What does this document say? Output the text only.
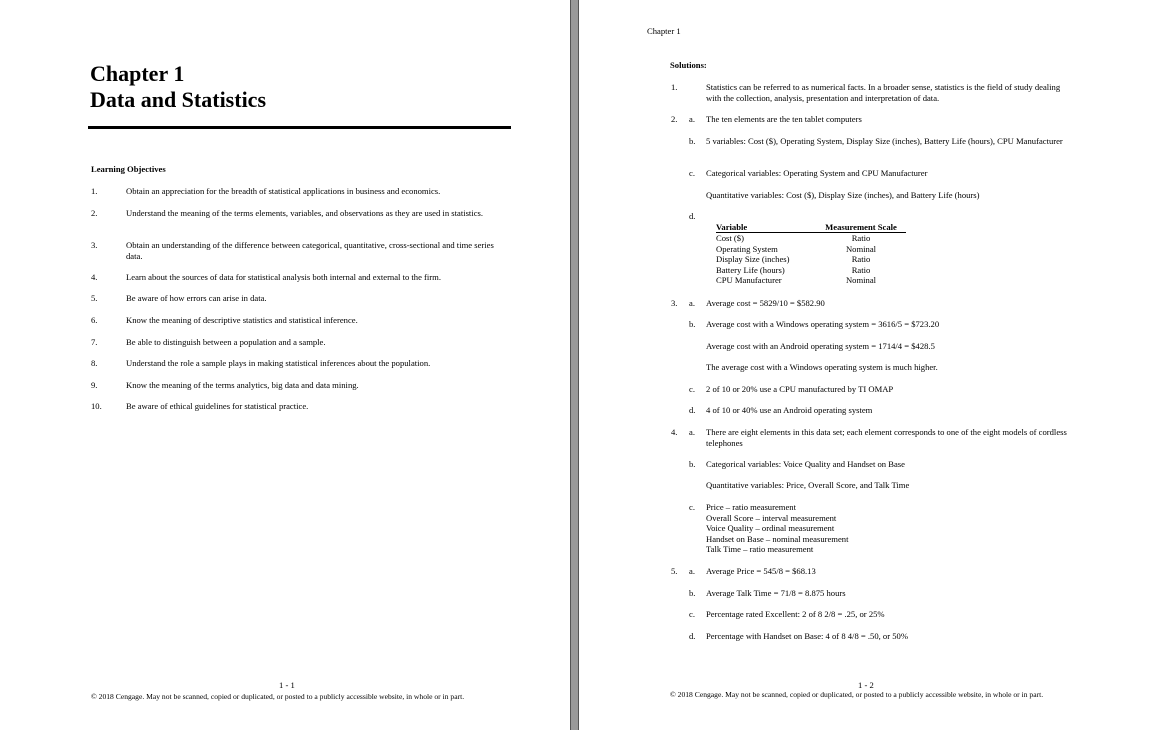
Chapter 1
Data and Statistics
Learning Objectives
1.	Obtain an appreciation for the breadth of statistical applications in business and economics.
2.	Understand the meaning of the terms elements, variables, and observations as they are used in statistics.
3.	Obtain an understanding of the difference between categorical, quantitative, cross-sectional and time series data.
4.	Learn about the sources of data for statistical analysis both internal and external to the firm.
5.	Be aware of how errors can arise in data.
6.	Know the meaning of descriptive statistics and statistical inference.
7.	Be able to distinguish between a population and a sample.
8.	Understand the role a sample plays in making statistical inferences about the population.
9.	Know the meaning of the terms analytics, big data and data mining.
10.	Be aware of ethical guidelines for statistical practice.
1 - 1
© 2018 Cengage. May not be scanned, copied or duplicated, or posted to a publicly accessible website, in whole or in part.
Chapter 1
Solutions:
1.	Statistics can be referred to as numerical facts. In a broader sense, statistics is the field of study dealing with the collection, analysis, presentation and interpretation of data.
2. a. The ten elements are the ten tablet computers
b. 5 variables: Cost ($), Operating System, Display Size (inches), Battery Life (hours), CPU Manufacturer
c. Categorical variables: Operating System and CPU Manufacturer
Quantitative variables: Cost ($), Display Size (inches), and Battery Life (hours)
d.
3. a. Average cost = 5829/10 = $582.90
b. Average cost with a Windows operating system = 3616/5 = $723.20
Average cost with an Android operating system = 1714/4 = $428.5
The average cost with a Windows operating system is much higher.
c. 2 of 10 or 20% use a CPU manufactured by TI OMAP
d. 4 of 10 or 40% use an Android operating system
4. a. There are eight elements in this data set; each element corresponds to one of the eight models of cordless telephones
b. Categorical variables: Voice Quality and Handset on Base
Quantitative variables: Price, Overall Score, and Talk Time
c. Price – ratio measurement
Overall Score – interval measurement
Voice Quality – ordinal measurement
Handset on Base – nominal measurement
Talk Time – ratio measurement
5. a. Average Price = 545/8 = $68.13
b. Average Talk Time = 71/8 = 8.875 hours
c. Percentage rated Excellent: 2 of 8 2/8 = .25, or 25%
d. Percentage with Handset on Base: 4 of 8 4/8 = .50, or 50%
1 - 2
© 2018 Cengage. May not be scanned, copied or duplicated, or posted to a publicly accessible website, in whole or in part.
Variable	Measurement Scale
Cost ($)	Ratio
Operating System	Nominal
Display Size (inches)	Ratio
Battery Life (hours)	Ratio
CPU Manufacturer	Nominal
